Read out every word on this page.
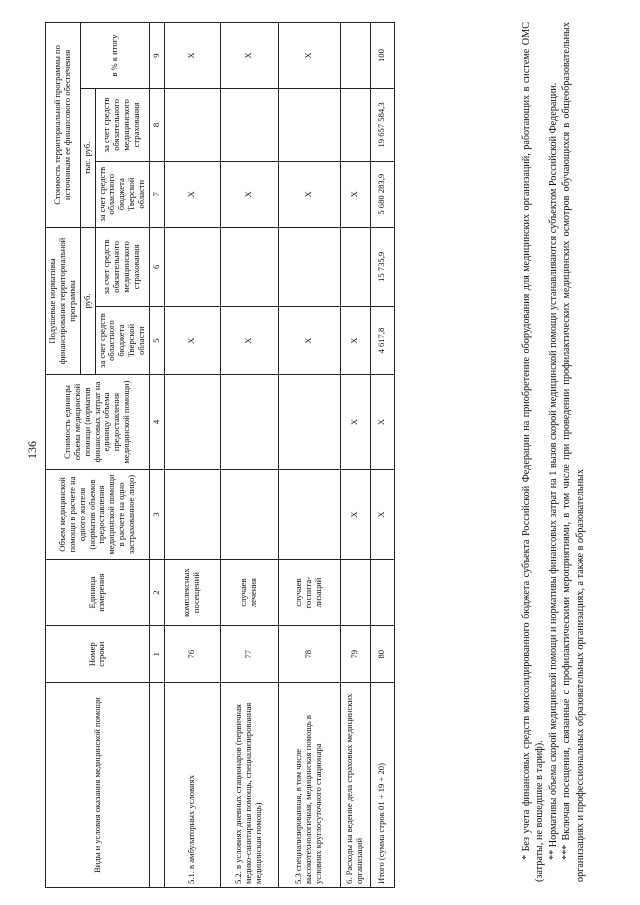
136
Виды и условия оказания медицинской помощи	Номер строки	Единица измерения	Объем медицинской помощи в расчете на одного жителя (норматив объемов предоставления медицинской помощи в расчете на одно застрахованное лицо)	Стоимость единицы объема медицинской помощи (норматив финансовых затрат на единицу объема предоставления медицинской помощи)	Подушевые нормативы финансирования территориальной программы		Стоимость территориальной программы по источникам ее финансового обеспечения		
					руб.		тыс. руб.		в % к итогу
					за счет средств областного бюджета Тверской области	за счет средств обязательного медицинского страхования	за счет средств областного бюджета Тверской области	за счет средств обязательного медицинского страхования	
	1	2	3	4	5	6	7	8	9
5.1. в амбулаторных условиях	76	комплексных посещений			X		X		X
5.2. в условиях дневных стационаров (первичная медико-санитарная помощь, специализированная медицинская помощь)	77	случаев лечения			X		X		X
5.3 специализированная, в том числе высокотехнологичная, медицинская помощь в условиях круглосуточного стационара	78	случаев госпита-лизаций			X		X		X
6. Расходы на ведение дела страховых медицинских организаций	79		X	X	X		X		
Итого (сумма строк 01 + 19 + 20)	80		X	X	4 617,8	15 735,9	5 680 283,9	19 657 584,3	100	* Без учета финансовых средств консолидированного бюджета субъекта Российской Федерации на приобретение оборудования для медицинских организаций, работающих в системе ОМС (затраты, не вошедшие в тариф). ** Нормативы объема скорой медицинской помощи и нормативы финансовых затрат на 1 вызов скорой медицинской помощи устанавливаются субъектом Российской Федерации. *** Включая посещения, связанные с профилактическими мероприятиями, в том числе при проведении профилактических медицинских осмотров обучающихся в общеобразовательных организациях и профессиональных образовательных организациях, а также в образовательных
